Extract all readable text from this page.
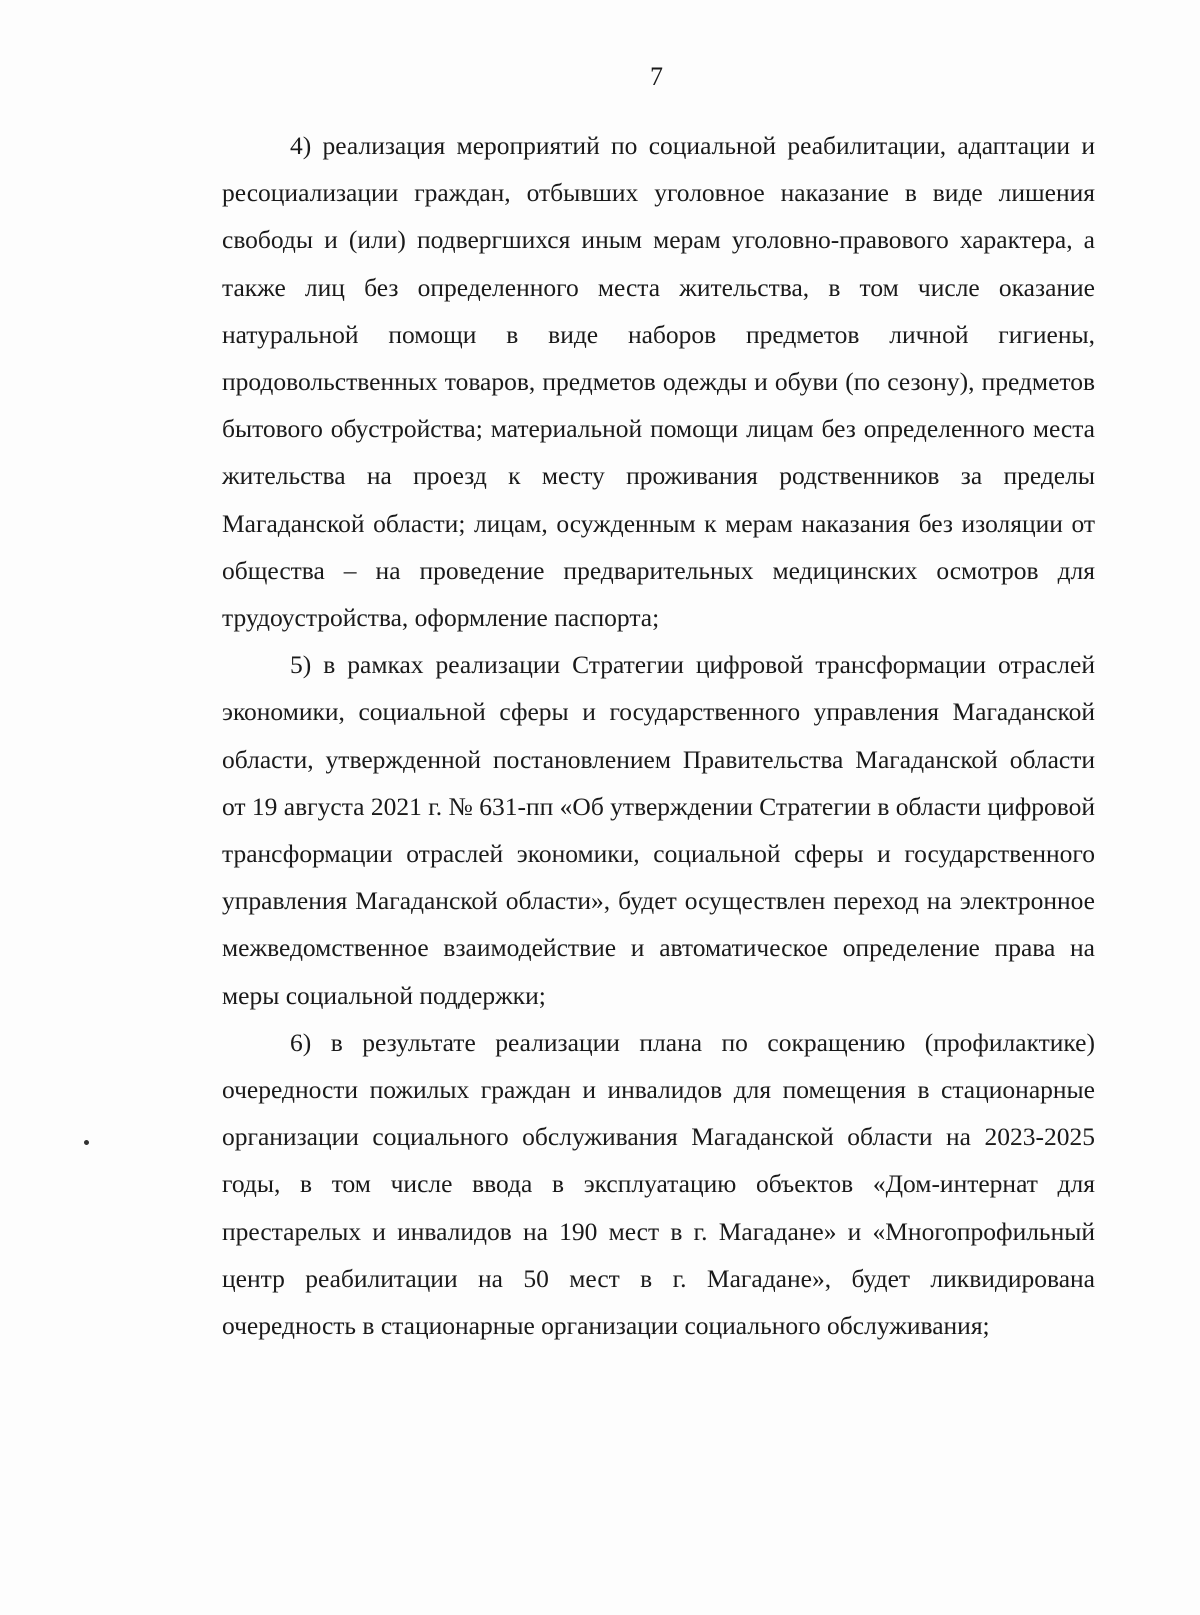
7

4) реализация мероприятий по социальной реабилитации, адаптации и ресоциализации граждан, отбывших уголовное наказание в виде лишения свободы и (или) подвергшихся иным мерам уголовно-правового характера, а также лиц без определенного места жительства, в том числе оказание натуральной помощи в виде наборов предметов личной гигиены, продовольственных товаров, предметов одежды и обуви (по сезону), предметов бытового обустройства; материальной помощи лицам без определенного места жительства на проезд к месту проживания родственников за пределы Магаданской области; лицам, осужденным к мерам наказания без изоляции от общества – на проведение предварительных медицинских осмотров для трудоустройства, оформление паспорта;

5) в рамках реализации Стратегии цифровой трансформации отраслей экономики, социальной сферы и государственного управления Магаданской области, утвержденной постановлением Правительства Магаданской области от 19 августа 2021 г. № 631-пп «Об утверждении Стратегии в области цифровой трансформации отраслей экономики, социальной сферы и государственного управления Магаданской области», будет осуществлен переход на электронное межведомственное взаимодействие и автоматическое определение права на меры социальной поддержки;

6) в результате реализации плана по сокращению (профилактике) очередности пожилых граждан и инвалидов для помещения в стационарные организации социального обслуживания Магаданской области на 2023-2025 годы, в том числе ввода в эксплуатацию объектов «Дом-интернат для престарелых и инвалидов на 190 мест в г. Магадане» и «Многопрофильный центр реабилитации на 50 мест в г. Магадане», будет ликвидирована очередность в стационарные организации социального обслуживания;
